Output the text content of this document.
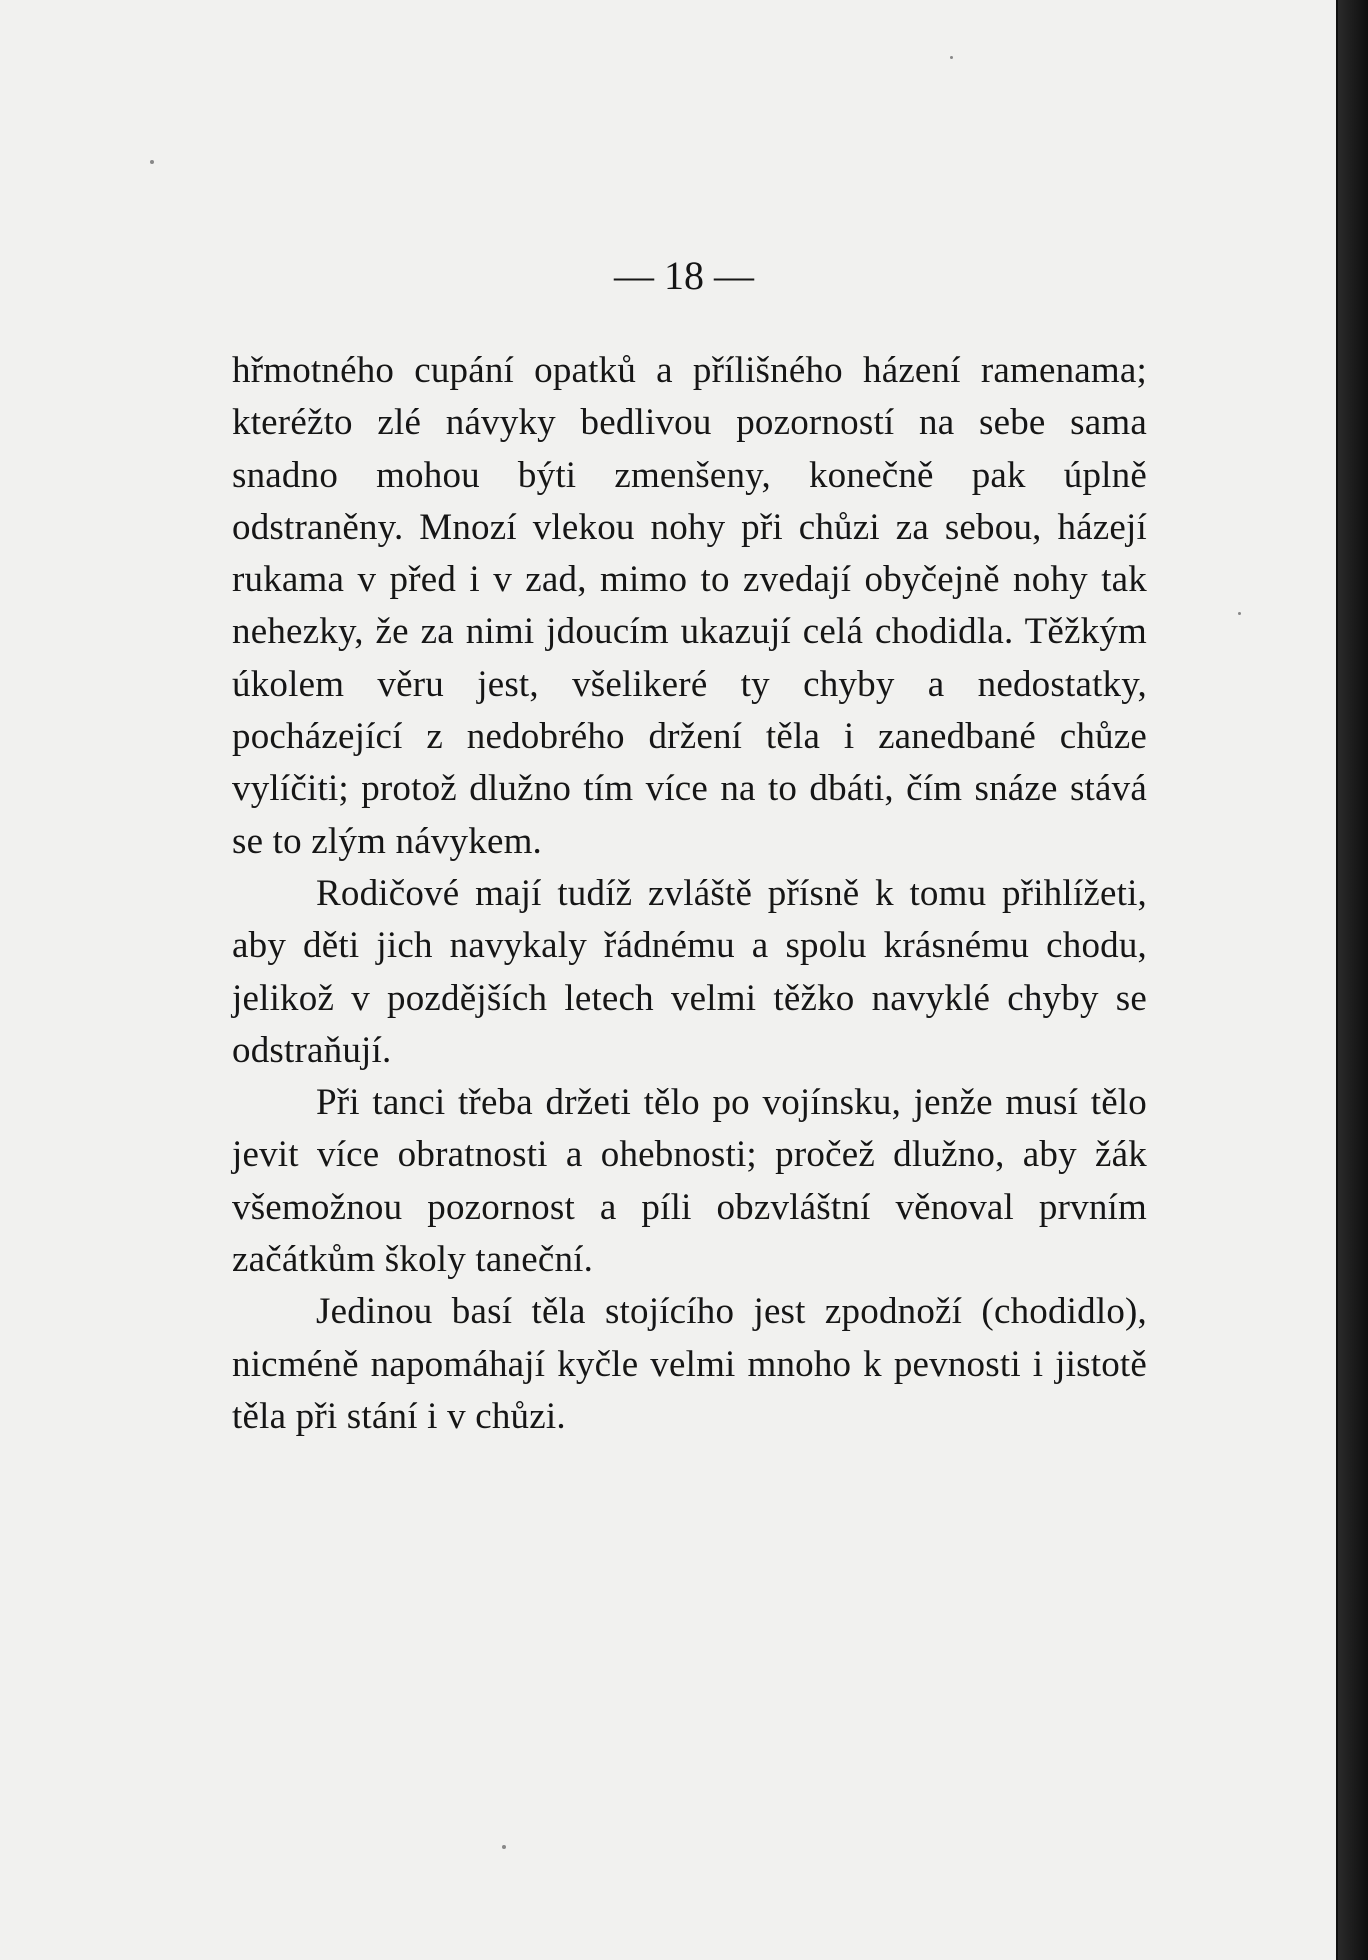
— 18 —

hřmotného cupání opatků a přílišného házení ramenama; kteréžto zlé návyky bedlivou pozorností na sebe sama snadno mohou býti zmenšeny, konečně pak úplně odstraněny. Mnozí vlekou nohy při chůzi za sebou, házejí rukama v před i v zad, mimo to zvedají obyčejně nohy tak nehezky, že za nimi jdoucím ukazují celá chodidla. Těžkým úkolem věru jest, všelikeré ty chyby a nedostatky, pocházející z nedobrého držení těla i zanedbané chůze vylíčiti; protož dlužno tím více na to dbáti, čím snáze stává se to zlým návykem.

Rodičové mají tudíž zvláště přísně k tomu přihlížeti, aby děti jich navykaly řádnému a spolu krásnému chodu, jelikož v pozdějších letech velmi těžko navyklé chyby se odstraňují.

Při tanci třeba držeti tělo po vojínsku, jenže musí tělo jevit více obratnosti a ohebnosti; pročež dlužno, aby žák všemožnou pozornost a píli obzvláštní věnoval prvním začátkům školy taneční.

Jedinou basí těla stojícího jest zpodnoží (chodidlo), nicméně napomáhají kyčle velmi mnoho k pevnosti i jistotě těla při stání i v chůzi.
